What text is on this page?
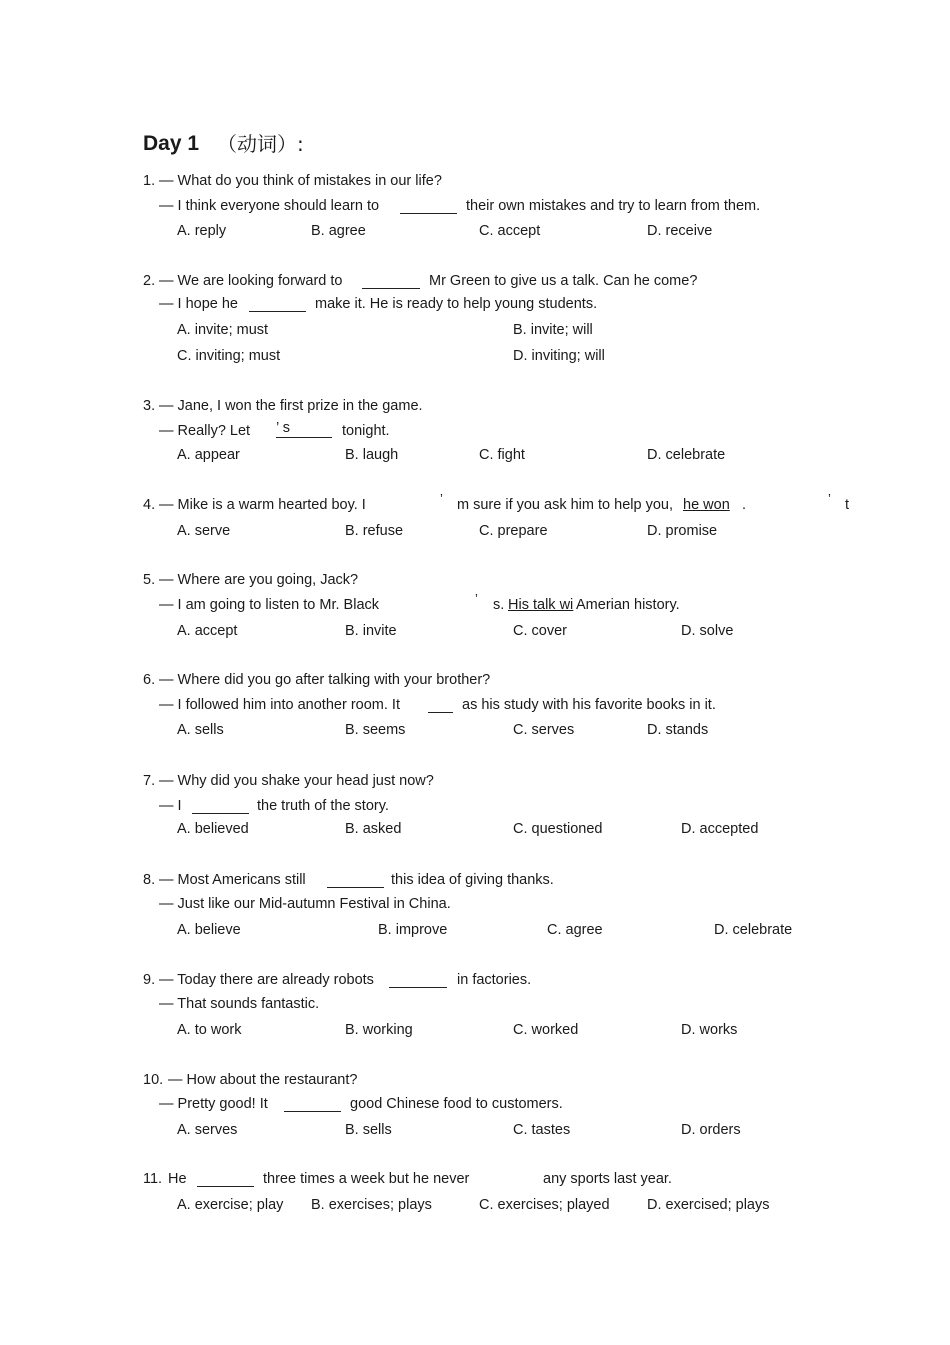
Day 1 （动词）:
1. — What do you think of mistakes in our life?
— I think everyone should learn to	their own mistakes and try to learn from them.
A. reply	B. agree	C. accept	D. receive
2. — We are looking forward to	Mr Green to give us a talk. Can he come?
— I hope he	make it. He is ready to help young students.
A. invite; must	B. invite; will
C. inviting; must	D. inviting; will
3. — Jane, I won the first prize in the game.
— Really? Let ’ s	tonight.
A. appear	B. laugh	C. fight	D. celebrate
4. — Mike is a warm hearted boy. I	’ m sure if you ask him to help you, he won .	’ t
A. serve	B. refuse	C. prepare	D. promise
5. — Where are you going, Jack?
— I am going to listen to Mr. Black	’ s. His talk wi Amerian history.
A. accept	B. invite	C. cover	D. solve
6. — Where did you go after talking with your brother?
— I followed him into another room. It	as his study with his favorite books in it.
A. sells	B. seems	C. serves	D. stands
7. — Why did you shake your head just now?
— I	the truth of the story.
A. believed	B. asked	C. questioned	D. accepted
8. — Most Americans still	this idea of giving thanks.
— Just like our Mid-autumn Festival in China.
A. believe	B. improve	C. agree	D. celebrate
9. — Today there are already robots	in factories.
— That sounds fantastic.
A. to work	B. working	C. worked	D. works
10. — How about the restaurant?
— Pretty good! It	good Chinese food to customers.
A. serves	B. sells	C. tastes	D. orders
11. He	three times a week but he never	any sports last year.
A. exercise; play B. exercises; plays	C. exercises; played	D. exercised; plays
